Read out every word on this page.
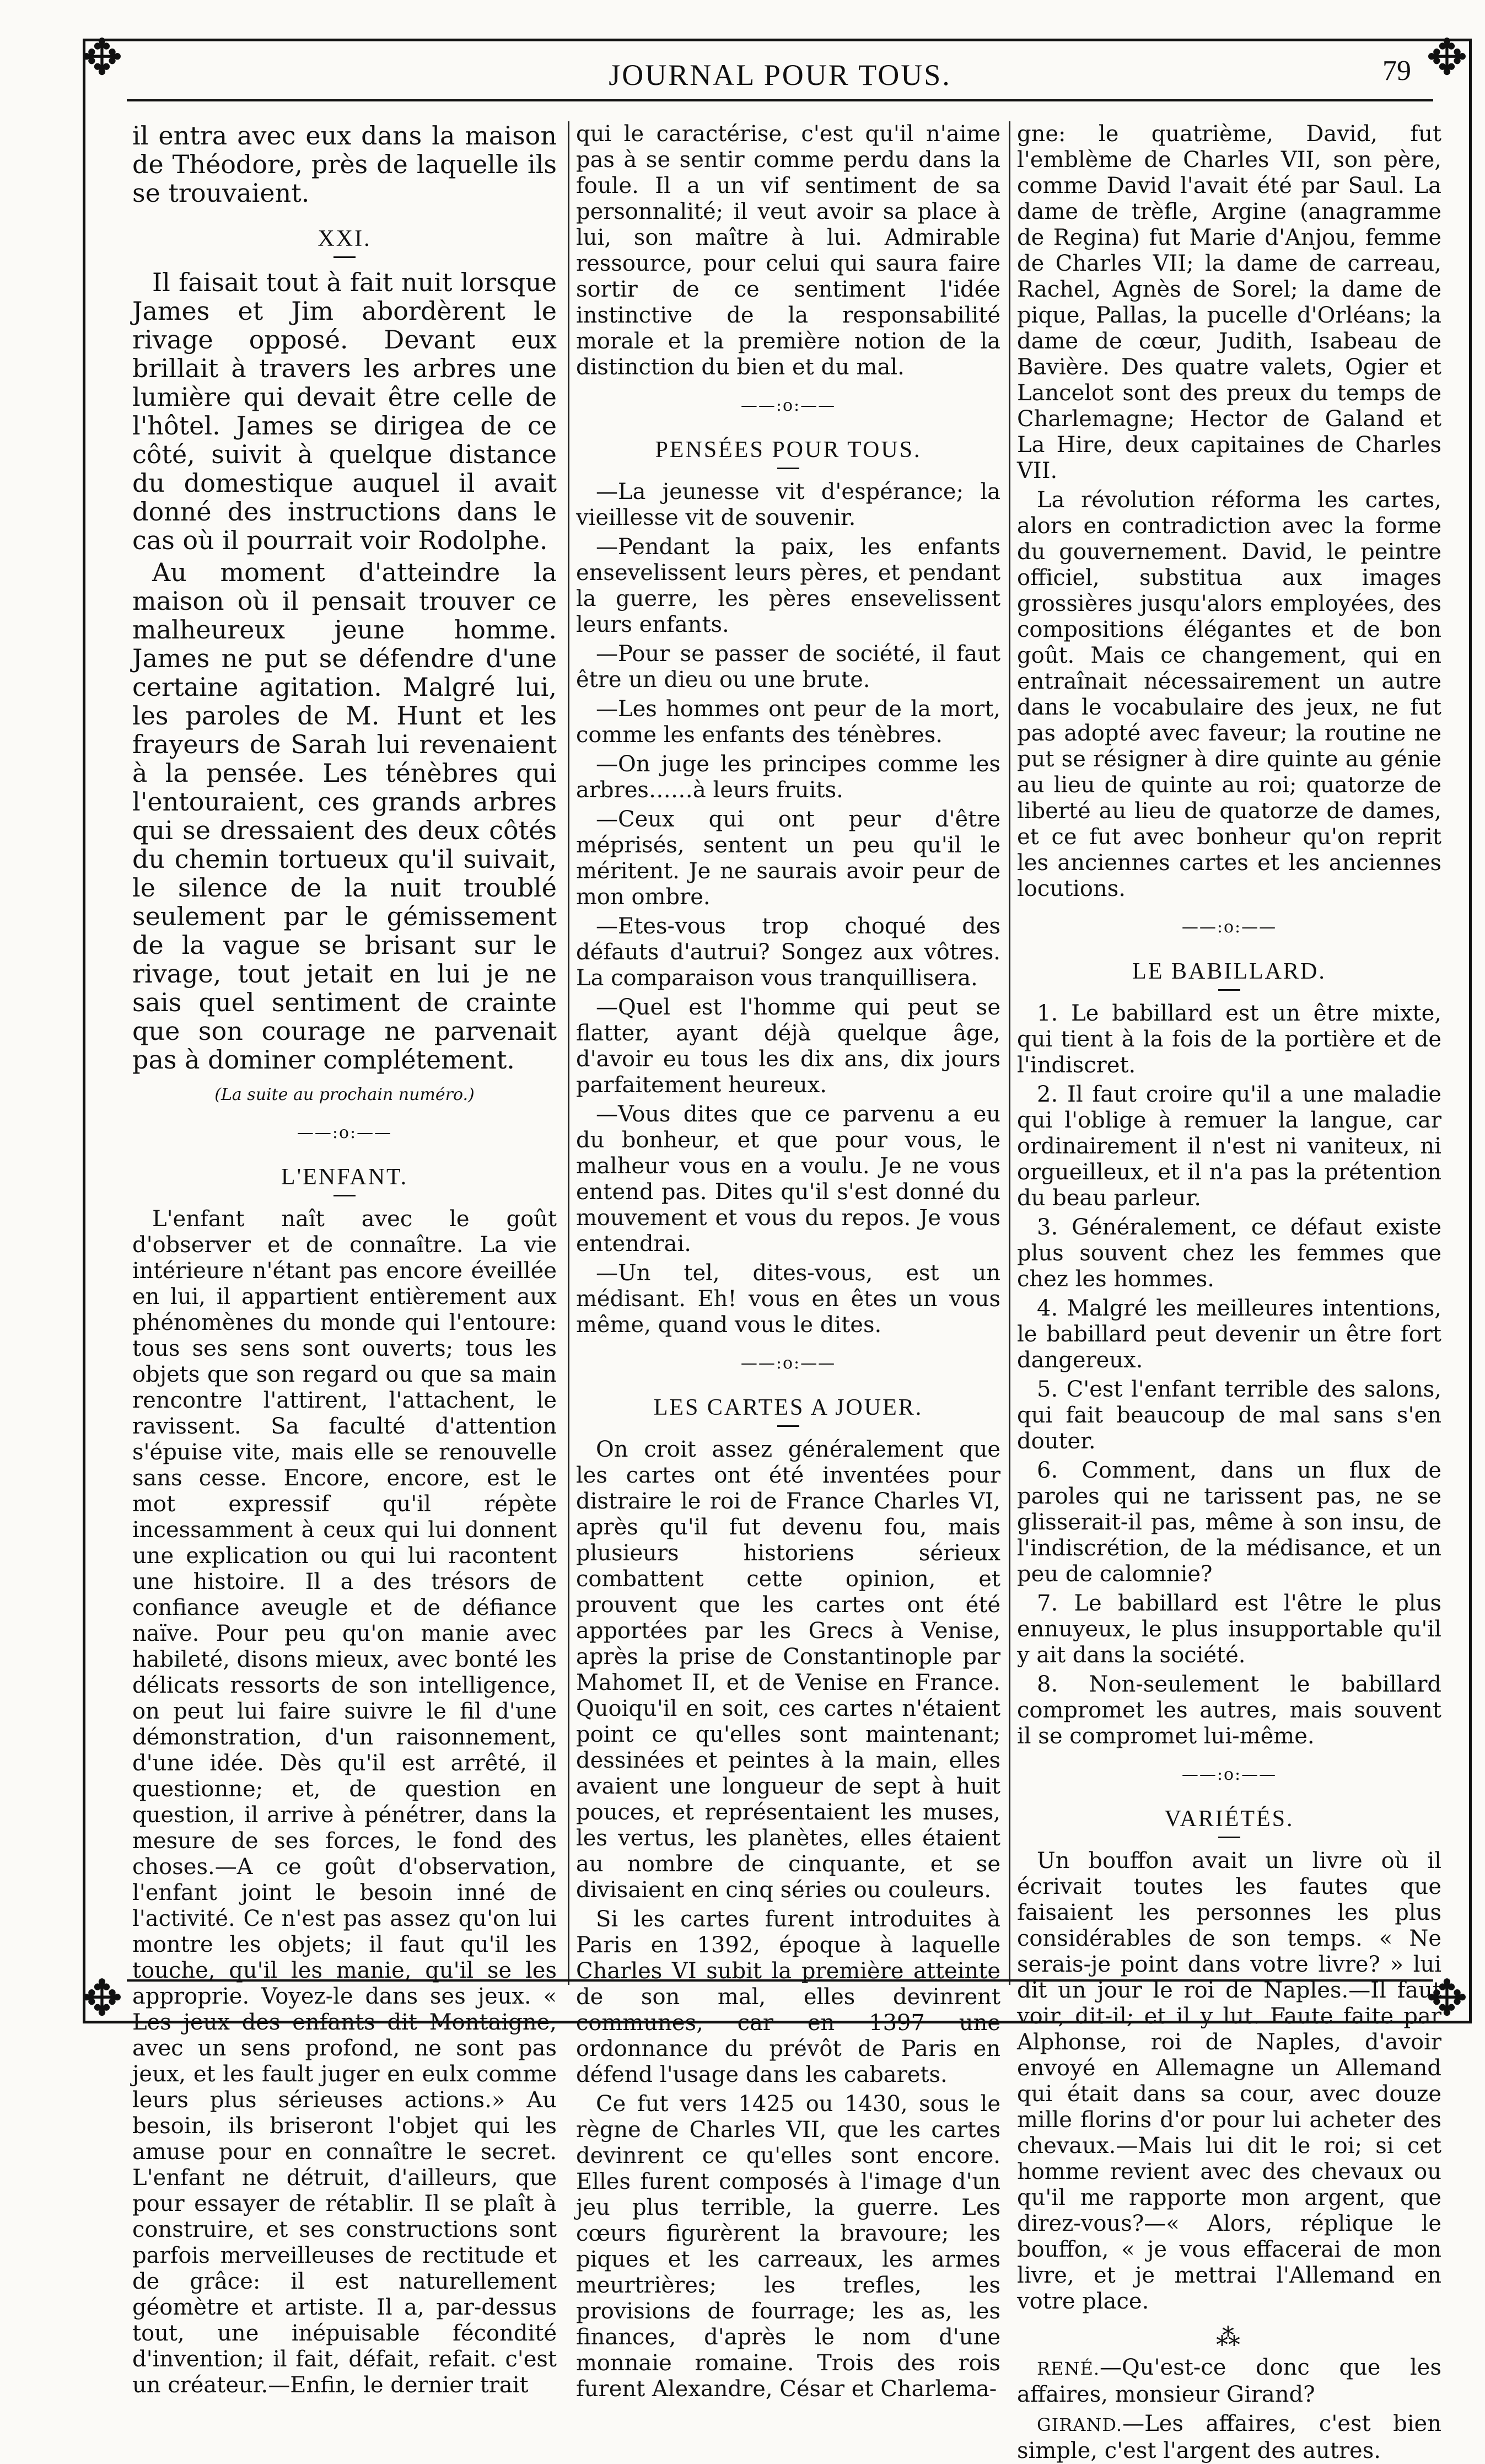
✥	✥
✥	✥
JOURNAL POUR TOUS.	79

il entra avec eux dans la maison de Théodore, près de laquelle ils se trouvaient.

XXI.

Il faisait tout à fait nuit lorsque James et Jim abordèrent le rivage opposé. Devant eux brillait à travers les arbres une lumière qui devait être celle de l'hôtel. James se dirigea de ce côté, suivit à quelque distance du domestique auquel il avait donné des instructions dans le cas où il pourrait voir Rodolphe.

Au moment d'atteindre la maison où il pensait trouver ce malheureux jeune homme. James ne put se défendre d'une certaine agitation. Malgré lui, les paroles de M. Hunt et les frayeurs de Sarah lui revenaient à la pensée. Les ténèbres qui l'entouraient, ces grands arbres qui se dressaient des deux côtés du chemin tortueux qu'il suivait, le silence de la nuit troublé seulement par le gémissement de la vague se brisant sur le rivage, tout jetait en lui je ne sais quel sentiment de crainte que son courage ne parvenait pas à dominer complétement.

(La suite au prochain numéro.)
——:o:——
L'ENFANT.

L'enfant naît avec le goût d'observer et de connaître. La vie intérieure n'étant pas encore éveillée en lui, il appartient entièrement aux phénomènes du monde qui l'entoure: tous ses sens sont ouverts; tous les objets que son regard ou que sa main rencontre l'attirent, l'attachent, le ravissent. Sa faculté d'attention s'épuise vite, mais elle se renouvelle sans cesse. Encore, encore, est le mot expressif qu'il répète incessamment à ceux qui lui donnent une explication ou qui lui racontent une histoire. Il a des trésors de confiance aveugle et de défiance naïve. Pour peu qu'on manie avec habileté, disons mieux, avec bonté les délicats ressorts de son intelligence, on peut lui faire suivre le fil d'une démonstration, d'un raisonnement, d'une idée. Dès qu'il est arrêté, il questionne; et, de question en question, il arrive à pénétrer, dans la mesure de ses forces, le fond des choses.—A ce goût d'observation, l'enfant joint le besoin inné de l'activité. Ce n'est pas assez qu'on lui montre les objets; il faut qu'il les touche, qu'il les manie, qu'il se les approprie. Voyez-le dans ses jeux. « Les jeux des enfants dit Montaigne, avec un sens profond, ne sont pas jeux, et les fault juger en eulx comme leurs plus sérieuses actions.» Au besoin, ils briseront l'objet qui les amuse pour en connaître le secret. L'enfant ne détruit, d'ailleurs, que pour essayer de rétablir. Il se plaît à construire, et ses constructions sont parfois merveilleuses de rectitude et de grâce: il est naturellement géomètre et artiste. Il a, par-dessus tout, une inépuisable fécondité d'invention; il fait, défait, refait. c'est un créateur.—Enfin, le dernier trait

qui le caractérise, c'est qu'il n'aime pas à se sentir comme perdu dans la foule. Il a un vif sentiment de sa personnalité; il veut avoir sa place à lui, son maître à lui. Admirable ressource, pour celui qui saura faire sortir de ce sentiment l'idée instinctive de la responsabilité morale et la première notion de la distinction du bien et du mal.

——:o:——
PENSÉES POUR TOUS.

—La jeunesse vit d'espérance; la vieillesse vit de souvenir.

—Pendant la paix, les enfants ensevelissent leurs pères, et pendant la guerre, les pères ensevelissent leurs enfants.

—Pour se passer de société, il faut être un dieu ou une brute.

—Les hommes ont peur de la mort, comme les enfants des ténèbres.

—On juge les principes comme les arbres……à leurs fruits.

—Ceux qui ont peur d'être méprisés, sentent un peu qu'il le méritent. Je ne saurais avoir peur de mon ombre.

—Etes-vous trop choqué des défauts d'autrui? Songez aux vôtres. La comparaison vous tranquillisera.

—Quel est l'homme qui peut se flatter, ayant déjà quelque âge, d'avoir eu tous les dix ans, dix jours parfaitement heureux.

—Vous dites que ce parvenu a eu du bonheur, et que pour vous, le malheur vous en a voulu. Je ne vous entend pas. Dites qu'il s'est donné du mouvement et vous du repos. Je vous entendrai.

—Un tel, dites-vous, est un médisant. Eh! vous en êtes un vous même, quand vous le dites.

——:o:——
LES CARTES A JOUER.

On croit assez généralement que les cartes ont été inventées pour distraire le roi de France Charles VI, après qu'il fut devenu fou, mais plusieurs historiens sérieux combattent cette opinion, et prouvent que les cartes ont été apportées par les Grecs à Venise, après la prise de Constantinople par Mahomet II, et de Venise en France. Quoiqu'il en soit, ces cartes n'étaient point ce qu'elles sont maintenant; dessinées et peintes à la main, elles avaient une longueur de sept à huit pouces, et représentaient les muses, les vertus, les planètes, elles étaient au nombre de cinquante, et se divisaient en cinq séries ou couleurs.

Si les cartes furent introduites à Paris en 1392, époque à laquelle Charles VI subit la première atteinte de son mal, elles devinrent communes, car en 1397 une ordonnance du prévôt de Paris en défend l'usage dans les cabarets.

Ce fut vers 1425 ou 1430, sous le règne de Charles VII, que les cartes devinrent ce qu'elles sont encore. Elles furent composés à l'image d'un jeu plus terrible, la guerre. Les cœurs figurèrent la bravoure; les piques et les carreaux, les armes meurtrières; les trefles, les provisions de fourrage; les as, les finances, d'après le nom d'une monnaie romaine. Trois des rois furent Alexandre, César et Charlema-

gne: le quatrième, David, fut l'emblème de Charles VII, son père, comme David l'avait été par Saul. La dame de trèfle, Argine (anagramme de Regina) fut Marie d'Anjou, femme de Charles VII; la dame de carreau, Rachel, Agnès de Sorel; la dame de pique, Pallas, la pucelle d'Orléans; la dame de cœur, Judith, Isabeau de Bavière. Des quatre valets, Ogier et Lancelot sont des preux du temps de Charlemagne; Hector de Galand et La Hire, deux capitaines de Charles VII.

La révolution réforma les cartes, alors en contradiction avec la forme du gouvernement. David, le peintre officiel, substitua aux images grossières jusqu'alors employées, des compositions élégantes et de bon goût. Mais ce changement, qui en entraînait nécessairement un autre dans le vocabulaire des jeux, ne fut pas adopté avec faveur; la routine ne put se résigner à dire quinte au génie au lieu de quinte au roi; quatorze de liberté au lieu de quatorze de dames, et ce fut avec bonheur qu'on reprit les anciennes cartes et les anciennes locutions.

——:o:——
LE BABILLARD.

1. Le babillard est un être mixte, qui tient à la fois de la portière et de l'indiscret.

2. Il faut croire qu'il a une maladie qui l'oblige à remuer la langue, car ordinairement il n'est ni vaniteux, ni orgueilleux, et il n'a pas la prétention du beau parleur.

3. Généralement, ce défaut existe plus souvent chez les femmes que chez les hommes.

4. Malgré les meilleures intentions, le babillard peut devenir un être fort dangereux.

5. C'est l'enfant terrible des salons, qui fait beaucoup de mal sans s'en douter.

6. Comment, dans un flux de paroles qui ne tarissent pas, ne se glisserait-il pas, même à son insu, de l'indiscrétion, de la médisance, et un peu de calomnie?

7. Le babillard est l'être le plus ennuyeux, le plus insupportable qu'il y ait dans la société.

8. Non-seulement le babillard compromet les autres, mais souvent il se compromet lui-même.

——:o:——
VARIÉTÉS.

Un bouffon avait un livre où il écrivait toutes les fautes que faisaient les personnes les plus considérables de son temps. « Ne serais-je point dans votre livre? » lui dit un jour le roi de Naples.—Il faut voir, dit-il; et il y lut. Faute faite par Alphonse, roi de Naples, d'avoir envoyé en Allemagne un Allemand qui était dans sa cour, avec douze mille florins d'or pour lui acheter des chevaux.—Mais lui dit le roi; si cet homme revient avec des chevaux ou qu'il me rapporte mon argent, que direz-vous?—« Alors, réplique le bouffon, « je vous effacerai de mon livre, et je mettrai l'Allemand en votre place.

⁂

RENÉ.—Qu'est-ce donc que les affaires, monsieur Girand?

GIRAND.—Les affaires, c'est bien simple, c'est l'argent des autres.
